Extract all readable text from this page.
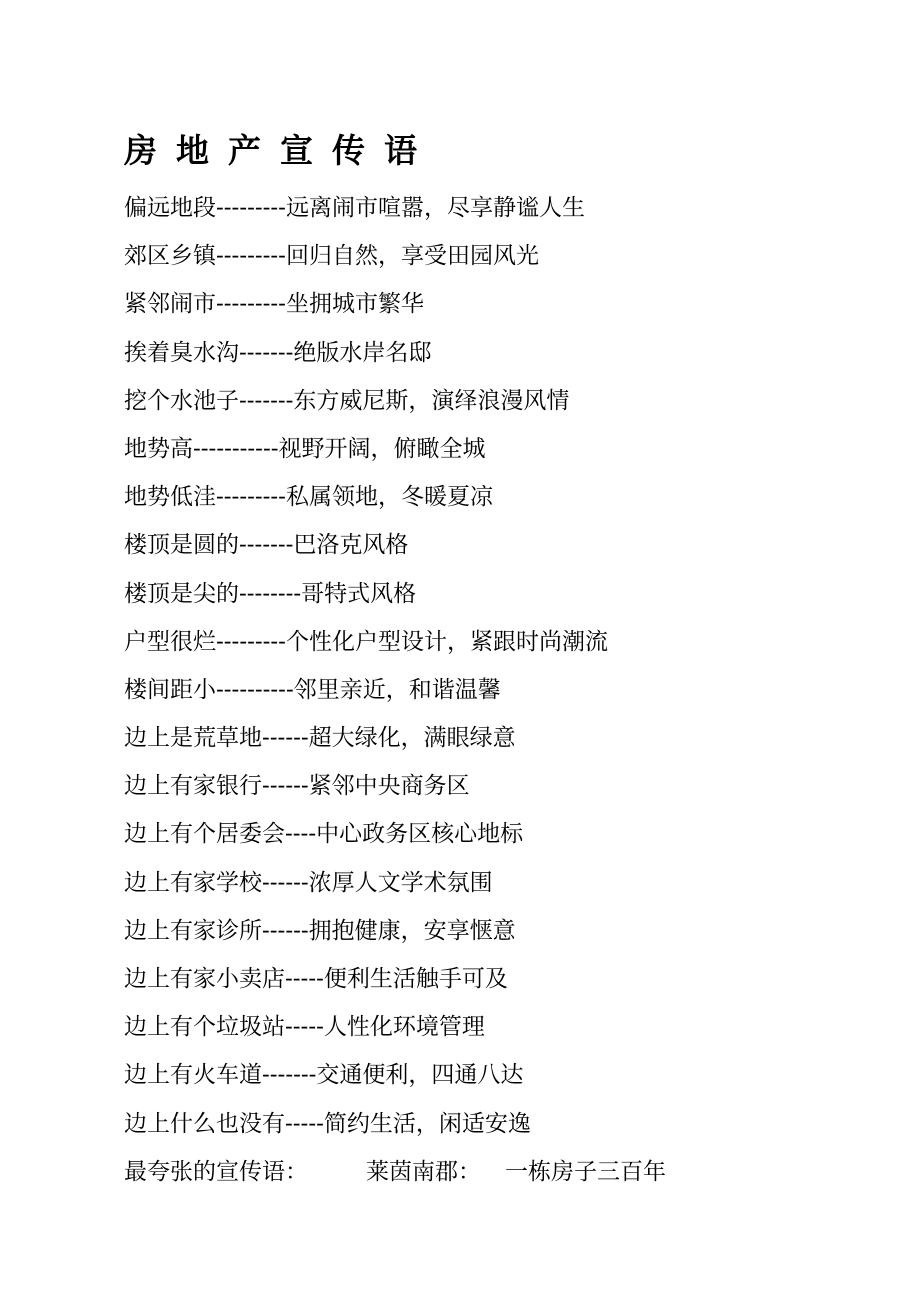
房地产宣传语
偏远地段---------远离闹市喧嚣，尽享静谧人生
郊区乡镇---------回归自然，享受田园风光
紧邻闹市---------坐拥城市繁华
挨着臭水沟-------绝版水岸名邸
挖个水池子-------东方威尼斯，演绎浪漫风情
地势高-----------视野开阔，俯瞰全城
地势低洼---------私属领地，冬暖夏凉
楼顶是圆的-------巴洛克风格
楼顶是尖的--------哥特式风格
户型很烂---------个性化户型设计，紧跟时尚潮流
楼间距小----------邻里亲近，和谐温馨
边上是荒草地------超大绿化，满眼绿意
边上有家银行------紧邻中央商务区
边上有个居委会----中心政务区核心地标
边上有家学校------浓厚人文学术氛围
边上有家诊所------拥抱健康，安享惬意
边上有家小卖店-----便利生活触手可及
边上有个垃圾站-----人性化环境管理
边上有火车道-------交通便利，四通八达
边上什么也没有-----简约生活，闲适安逸
最夸张的宣传语：	莱茵南郡： 一栋房子三百年
